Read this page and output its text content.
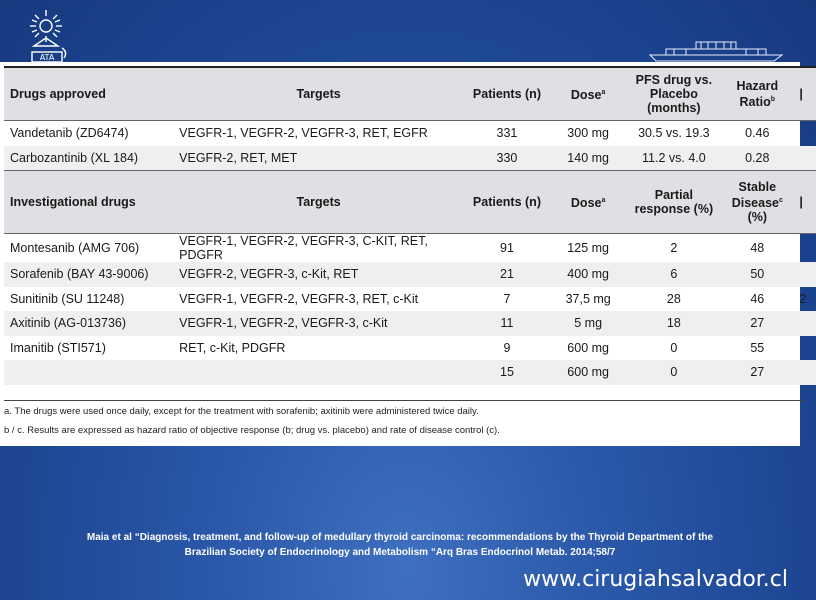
ATA
Drugs approved	Targets	Patients (n)	Dose$^a$	PFS drug vs. Placebo (months)	Hazard Ratio$^b$	|
Vandetanib (ZD6474)	VEGFR-1, VEGFR-2, VEGFR-3, RET, EGFR	331	300 mg	30.5 vs. 19.3	0.46	
Carbozantinib (XL 184)	VEGFR-2, RET, MET	330	140 mg	11.2 vs. 4.0	0.28	
Investigational drugs	Targets	Patients (n)	Dose$^a$	Partial response (%)	Stable Disease$^c$
(%)	|
Montesanib (AMG 706)	VEGFR-1, VEGFR-2, VEGFR-3, C-KIT, RET, PDGFR	91	125 mg	2	48	
Sorafenib (BAY 43-9006)	VEGFR-2, VEGFR-3, c-Kit, RET	21	400 mg	6	50	
Sunitinib (SU 11248)	VEGFR-1, VEGFR-2, VEGFR-3, RET, c-Kit	7	37,5 mg	28	46	2
Axitinib (AG-013736)	VEGFR-1, VEGFR-2, VEGFR-3, c-Kit	11	5 mg	18	27	
Imanitib (STI571)	RET, c-Kit, PDGFR	9	600 mg	0	55	
		15	600 mg	0	27	
a. The drugs were used once daily, except for the treatment with sorafenib; axitinib were administered twice daily.
b / c. Results are expressed as hazard ratio of objective response (b; drug vs. placebo) and rate of disease control (c).
Maia et al “Diagnosis, treatment, and follow-up of medullary thyroid carcinoma: recommendations by the Thyroid Department of the
Brazilian Society of Endocrinology and Metabolism “Arq Bras Endocrinol Metab. 2014;58/7
www.cirugiahsalvador.cl
